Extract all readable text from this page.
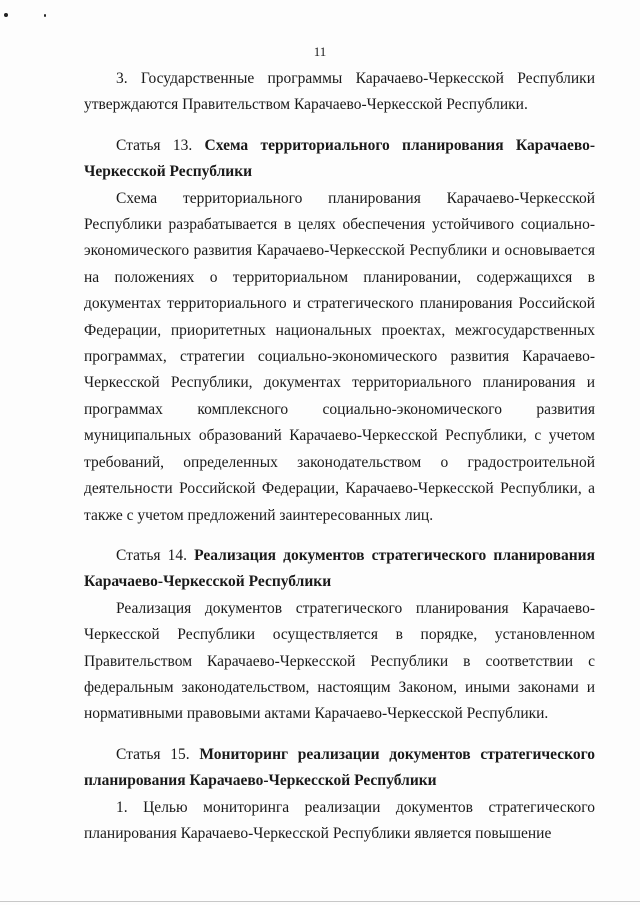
11

3. Государственные программы Карачаево-Черкесской Республики утверждаются Правительством Карачаево-Черкесской Республики.

Статья 13. Схема территориального планирования Карачаево-Черкесской Республики

Схема территориального планирования Карачаево-Черкесской Республики разрабатывается в целях обеспечения устойчивого социально-экономического развития Карачаево-Черкесской Республики и основывается на положениях о территориальном планировании, содержащихся в документах территориального и стратегического планирования Российской Федерации, приоритетных национальных проектах, межгосударственных программах, стратегии социально-экономического развития Карачаево-Черкесской Республики, документах территориального планирования и программах комплексного социально-экономического развития муниципальных образований Карачаево-Черкесской Республики, с учетом требований, определенных законодательством о градостроительной деятельности Российской Федерации, Карачаево-Черкесской Республики, а также с учетом предложений заинтересованных лиц.

Статья 14. Реализация документов стратегического планирования Карачаево-Черкесской Республики

Реализация документов стратегического планирования Карачаево-Черкесской Республики осуществляется в порядке, установленном Правительством Карачаево-Черкесской Республики в соответствии с федеральным законодательством, настоящим Законом, иными законами и нормативными правовыми актами Карачаево-Черкесской Республики.

Статья 15. Мониторинг реализации документов стратегического планирования Карачаево-Черкесской Республики

1. Целью мониторинга реализации документов стратегического планирования Карачаево-Черкесской Республики является повышение
